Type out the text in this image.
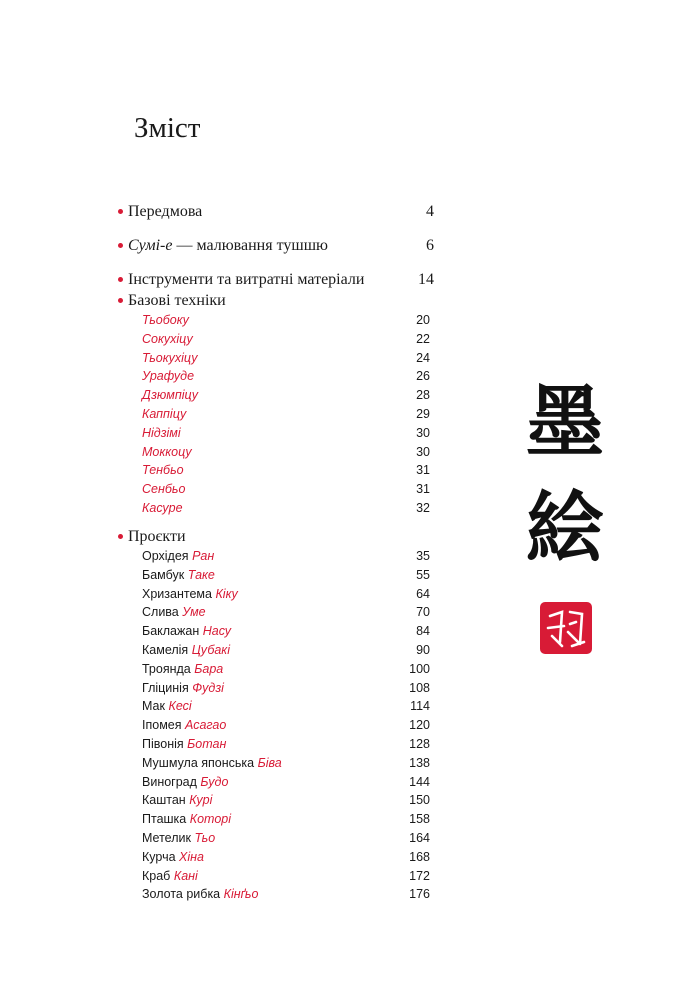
Зміст
Передмова	4
Сумі-е — малювання тушшю	6
Інструменти та витратні матеріали	14
Базові техніки
Тьобоку	20
Сокухіцу	22
Тьокухіцу	24
Урафуде	26
Дзюмпіцу	28
Каппіцу	29
Нідзімі	30
Моккоцу	30
Тенбьо	31
Сенбьо	31
Касуре	32
Проєкти
Орхідея Ран	35
Бамбук Таке	55
Хризантема Кіку	64
Слива Уме	70
Баклажан Насу	84
Камелія Цубакі	90
Троянда Бара	100
Гліцинія Фудзі	108
Мак Кесі	114
Іпомея Асагао	120
Півонія Ботан	128
Мушмула японська Біва	138
Виноград Будо	144
Каштан Курі	150
Пташка Которі	158
Метелик Тьо	164
Курча Хіна	168
Краб Кані	172
Золота рибка Кінґьо	176
墨
絵
